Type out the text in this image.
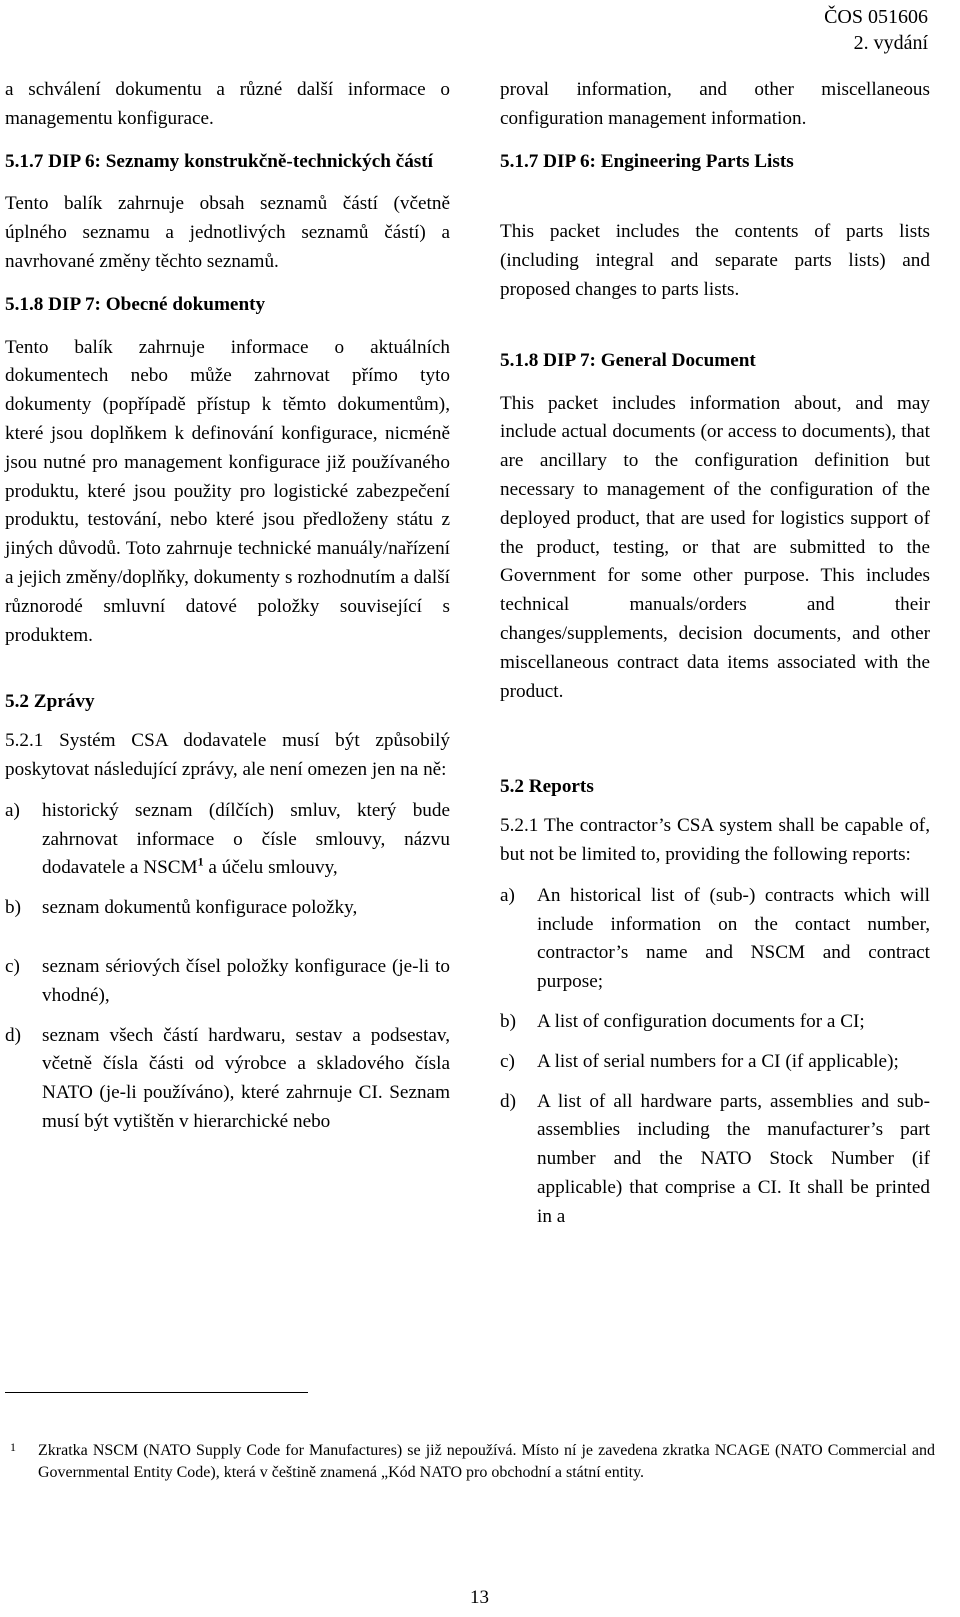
ČOS 051606
2. vydání

a schválení dokumentu a různé další informace o managementu konfigurace.

5.1.7 DIP 6: Seznamy konstrukčně-technických částí

Tento balík zahrnuje obsah seznamů částí (včetně úplného seznamu a jednotlivých seznamů částí) a navrhované změny těchto seznamů.

5.1.8 DIP 7: Obecné dokumenty

Tento balík zahrnuje informace o aktuálních dokumentech nebo může zahrnovat přímo tyto dokumenty (popřípadě přístup k těmto dokumentům), které jsou doplňkem k definování konfigurace, nicméně jsou nutné pro management konfigurace již používaného produktu, které jsou použity pro logistické zabezpečení produktu, testování, nebo které jsou předloženy státu z jiných důvodů. Toto zahrnuje technické manuály/nařízení a jejich změny/doplňky, dokumenty s rozhodnutím a další různorodé smluvní datové položky související s produktem.

5.2 Zprávy

5.2.1 Systém CSA dodavatele musí být způsobilý poskytovat následující zprávy, ale není omezen jen na ně:

a) historický seznam (dílčích) smluv, který bude zahrnovat informace o čísle smlouvy, názvu dodavatele a NSCM$^1$ a účelu smlouvy,
b) seznam dokumentů konfigurace položky,
c) seznam sériových čísel položky konfigurace (je-li to vhodné),
d) seznam všech částí hardwaru, sestav a podsestav, včetně čísla části od výrobce a skladového čísla NATO (je-li používáno), které zahrnuje CI. Seznam musí být vytištěn v hierarchické nebo

proval information, and other miscellaneous configuration management information.

5.1.7 DIP 6: Engineering Parts Lists

This packet includes the contents of parts lists (including integral and separate parts lists) and proposed changes to parts lists.

5.1.8 DIP 7: General Document

This packet includes information about, and may include actual documents (or access to documents), that are ancillary to the configuration definition but necessary to management of the configuration of the deployed product, that are used for logistics support of the product, testing, or that are submitted to the Government for some other purpose. This includes technical manuals/orders and their changes/supplements, decision documents, and other miscellaneous contract data items associated with the product.

5.2 Reports

5.2.1 The contractor’s CSA system shall be capable of, but not be limited to, providing the following reports:

a) An historical list of (sub-) contracts which will include information on the contact number, contractor’s name and NSCM and contract purpose;
b) A list of configuration documents for a CI;
c) A list of serial numbers for a CI (if applicable);
d) A list of all hardware parts, assemblies and sub-assemblies including the manufacturer’s part number and the NATO Stock Number (if applicable) that comprise a CI. It shall be printed in a
1 Zkratka NSCM (NATO Supply Code for Manufactures) se již nepoužívá. Místo ní je zavedena zkratka NCAGE (NATO Commercial and Governmental Entity Code), která v češtině znamená „Kód NATO pro obchodní a státní entity.
13
